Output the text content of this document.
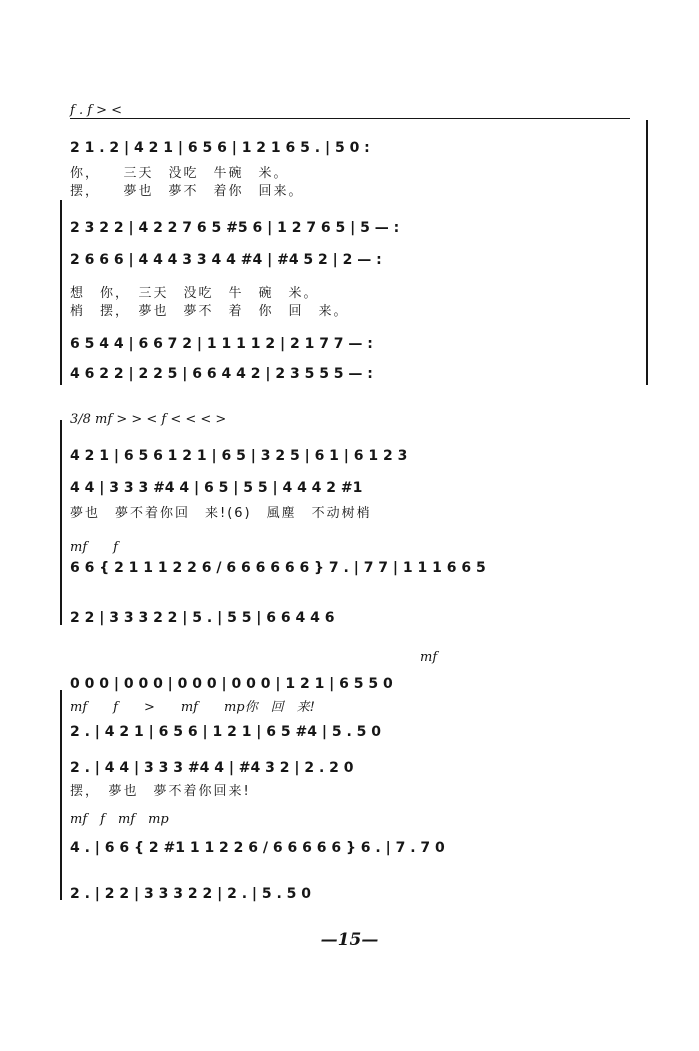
f . f > <
2 1 . 2 | 4 2 1 | 6 5 6 | 1 2 1 6 5 . | 5 0 :
你，　　三天　没吃　牛碗　米。
摆，　　夢也　夢不　着你　回来。
2 3 2 2 | 4 2 2 7 6 5 #5 6 | 1 2 7 6 5 | 5 — :
2 6 6 6 | 4 4 4 3 3 4 4 #4 | #4 5 2 | 2 — :
想　你，　三天　没吃　牛　碗　米。
梢　摆，　夢也　夢不　着　你　回　来。
6 5 4 4 | 6 6 7 2 | 1 1 1 1 2 | 2 1 7 7 — :
4 6 2 2 | 2 2 5 | 6 6 4 4 2 | 2 3 5 5 5 — :
3/8 mf > > < f < < < >
4 2 1 | 6 5 6 1 2 1 | 6 5 | 3 2 5 | 6 1 | 6 1 2 3
4 4 | 3 3 3 #4 4 | 6 5 | 5 5 | 4 4 4 2 #1
夢也　夢不着你回　来!(6)　風塵　不动树梢
mf　　f
6 6 { 2 1 1 1 2 2 6 / 6 6 6 6 6 6 } 7 . | 7 7 | 1 1 1 6 6 5
2 2 | 3 3 3 2 2 | 5 . | 5 5 | 6 6 4 4 6
mf
0 0 0 | 0 0 0 | 0 0 0 | 0 0 0 | 1 2 1 | 6 5 5 0
mf　　f　　>　　mf　　mp你　回　来!
2 . | 4 2 1 | 6 5 6 | 1 2 1 | 6 5 #4 | 5 . 5 0
2 . | 4 4 | 3 3 3 #4 4 | #4 3 2 | 2 . 2 0
摆，　夢也　夢不着你回来!
mf　f　mf　mp
4 . | 6 6 { 2 #1 1 1 2 2 6 / 6 6 6 6 6 } 6 . | 7 . 7 0
2 . | 2 2 | 3 3 3 2 2 | 2 . | 5 . 5 0
—15—
